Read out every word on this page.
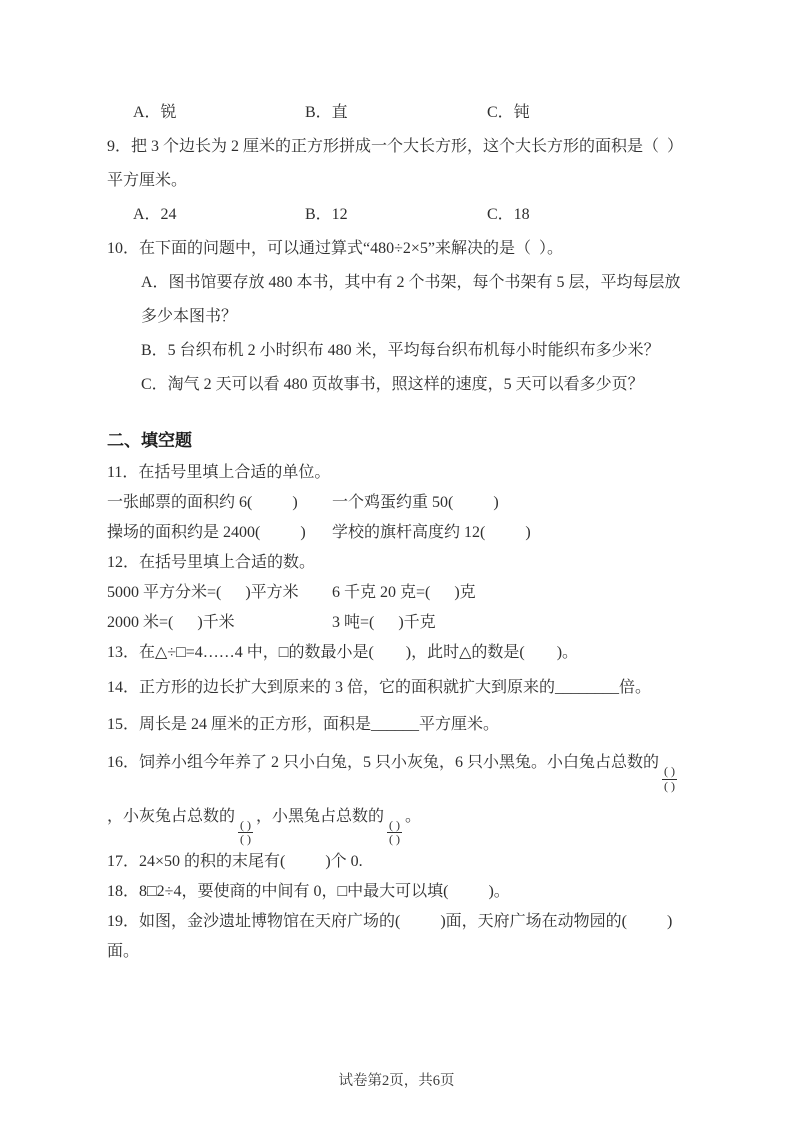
A．锐	B．直	C．钝
9．把 3 个边长为 2 厘米的正方形拼成一个大长方形，这个大长方形的面积是（  ）平方厘米。
A．24	B．12	C．18
10．在下面的问题中，可以通过算式“480÷2×5”来解决的是（  ）。
A．图书馆要存放 480 本书，其中有 2 个书架，每个书架有 5 层，平均每层放多少本图书？
B．5 台织布机 2 小时织布 480 米，平均每台织布机每小时能织布多少米？
C．淘气 2 天可以看 480 页故事书，照这样的速度，5 天可以看多少页？
二、填空题
11．在括号里填上合适的单位。
一张邮票的面积约 6(          )	一个鸡蛋约重 50(          )
操场的面积约是 2400(          )	学校的旗杆高度约 12(          )
12．在括号里填上合适的数。
5000 平方分米=(      )平方米	6 千克 20 克=(      )克
2000 米=(      )千米	3 吨=(      )千克
13．在△÷□=4……4 中，□的数最小是(        )，此时△的数是(        )。
14．正方形的边长扩大到原来的 3 倍，它的面积就扩大到原来的________倍。
15．周长是 24 厘米的正方形，面积是______平方厘米。
16．饲养小组今年养了 2 只小白兔，5 只小灰兔，6 只小黑兔。小白兔占总数的
$\frac{( )}{( )}$
，小灰兔占总数的
$\frac{( )}{( )}$
，小黑兔占总数的
$\frac{( )}{( )}$
。
17．24×50 的积的末尾有(          )个 0.
18．8□2÷4，要使商的中间有 0，□中最大可以填(          )。
19．如图，金沙遗址博物馆在天府广场的(          )面，天府广场在动物园的(          )面。
试卷第2页，共6页
